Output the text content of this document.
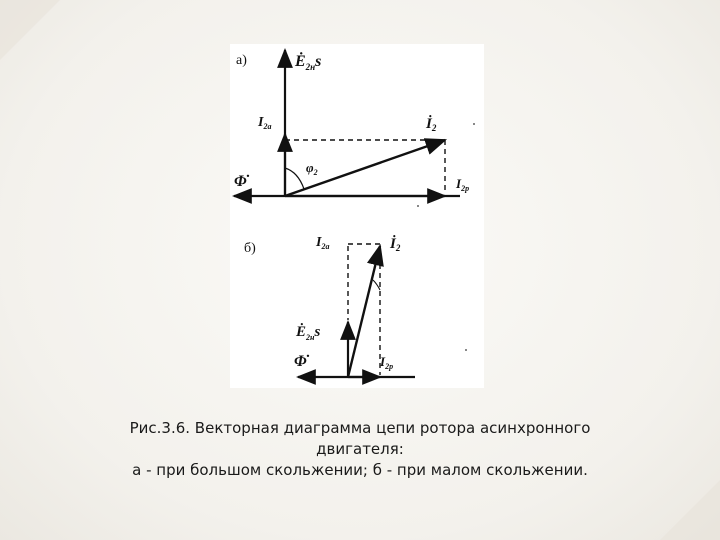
а)	$Ė_{2н}s$
$I_{2а}$	$İ_2$
$\varphi_2$
Φ̇	$I_{2р}$
б)	$I_{2а}$	$İ_2$
$Ė_{2н}s$
Φ̇	$I_{2р}$
Рис.3.6. Векторная диаграмма цепи ротора асинхронного
двигателя:
а - при большом скольжении; б - при малом скольжении.
